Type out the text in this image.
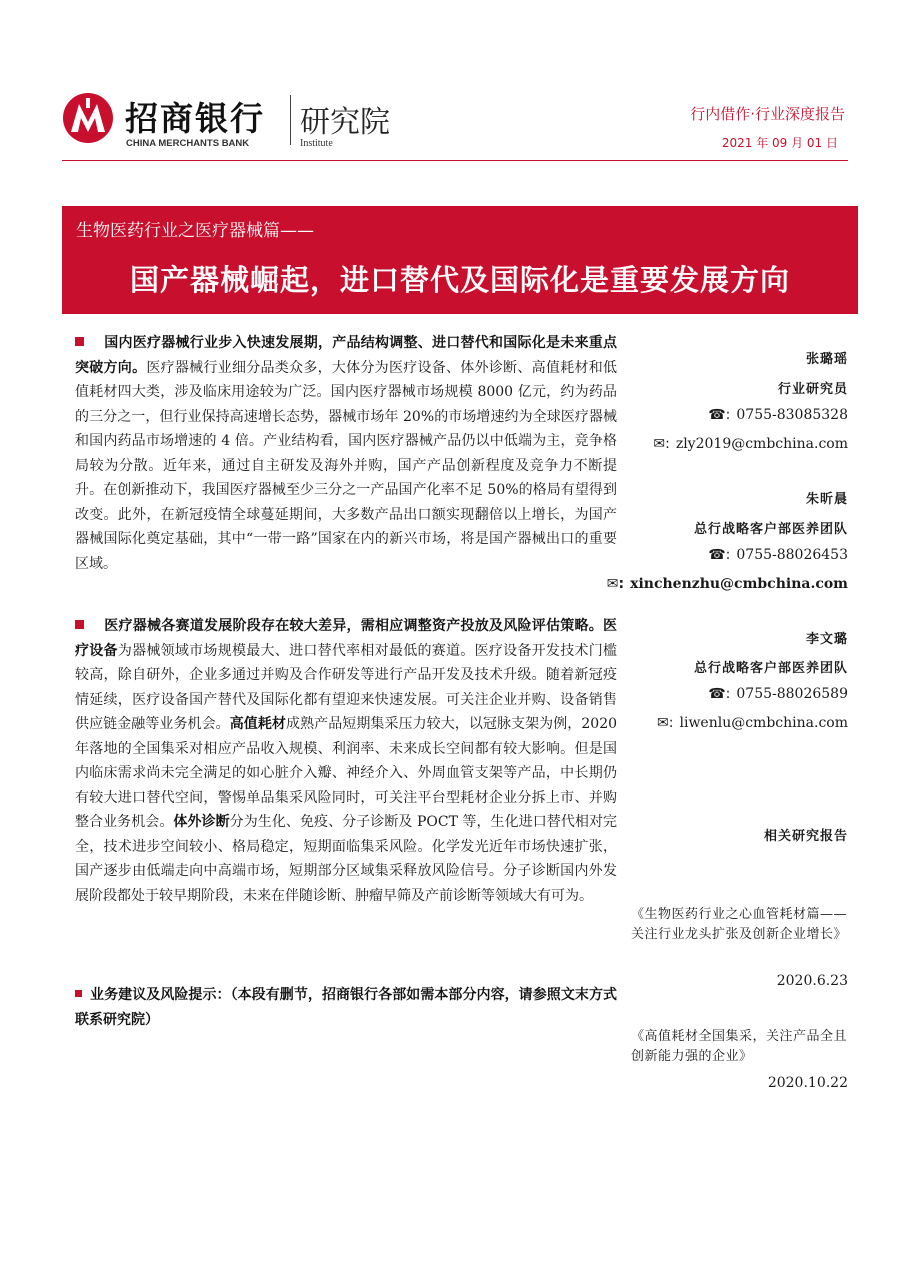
招商银行
CHINA MERCHANTS BANK
研究院
Institute
行内借作·行业深度报告
2021 年 09 月 01 日
生物医药行业之医疗器械篇——
国产器械崛起，进口替代及国际化是重要发展方向
国内医疗器械行业步入快速发展期，产品结构调整、进口替代和国际化是未来重点突破方向。医疗器械行业细分品类众多，大体分为医疗设备、体外诊断、高值耗材和低值耗材四大类，涉及临床用途较为广泛。国内医疗器械市场规模 8000 亿元，约为药品的三分之一，但行业保持高速增长态势，器械市场年 20%的市场增速约为全球医疗器械和国内药品市场增速的 4 倍。产业结构看，国内医疗器械产品仍以中低端为主，竞争格局较为分散。近年来，通过自主研发及海外并购，国产产品创新程度及竞争力不断提升。在创新推动下，我国医疗器械至少三分之一产品国产化率不足 50%的格局有望得到改变。此外，在新冠疫情全球蔓延期间，大多数产品出口额实现翻倍以上增长，为国产器械国际化奠定基础，其中“一带一路”国家在内的新兴市场，将是国产器械出口的重要区域。
医疗器械各赛道发展阶段存在较大差异，需相应调整资产投放及风险评估策略。医疗设备为器械领域市场规模最大、进口替代率相对最低的赛道。医疗设备开发技术门槛较高，除自研外，企业多通过并购及合作研发等进行产品开发及技术升级。随着新冠疫情延续，医疗设备国产替代及国际化都有望迎来快速发展。可关注企业并购、设备销售供应链金融等业务机会。高值耗材成熟产品短期集采压力较大，以冠脉支架为例，2020 年落地的全国集采对相应产品收入规模、利润率、未来成长空间都有较大影响。但是国内临床需求尚未完全满足的如心脏介入瓣、神经介入、外周血管支架等产品，中长期仍有较大进口替代空间，警惕单品集采风险同时，可关注平台型耗材企业分拆上市、并购整合业务机会。体外诊断分为生化、免疫、分子诊断及 POCT 等，生化进口替代相对完全，技术进步空间较小、格局稳定，短期面临集采风险。化学发光近年市场快速扩张，国产逐步由低端走向中高端市场，短期部分区域集采释放风险信号。分子诊断国内外发展阶段都处于较早期阶段，未来在伴随诊断、肿瘤早筛及产前诊断等领域大有可为。
业务建议及风险提示：（本段有删节，招商银行各部如需本部分内容，请参照文末方式联系研究院）
张璐瑶
行业研究员
☎: 0755-83085328
✉: zly2019@cmbchina.com
朱昕晨
总行战略客户部医养团队
☎: 0755-88026453
✉: xinchenzhu@cmbchina.com
李文璐
总行战略客户部医养团队
☎: 0755-88026589
✉: liwenlu@cmbchina.com
相关研究报告
《生物医药行业之心血管耗材篇——关注行业龙头扩张及创新企业增长》
2020.6.23
《高值耗材全国集采，关注产品全且创新能力强的企业》
2020.10.22
